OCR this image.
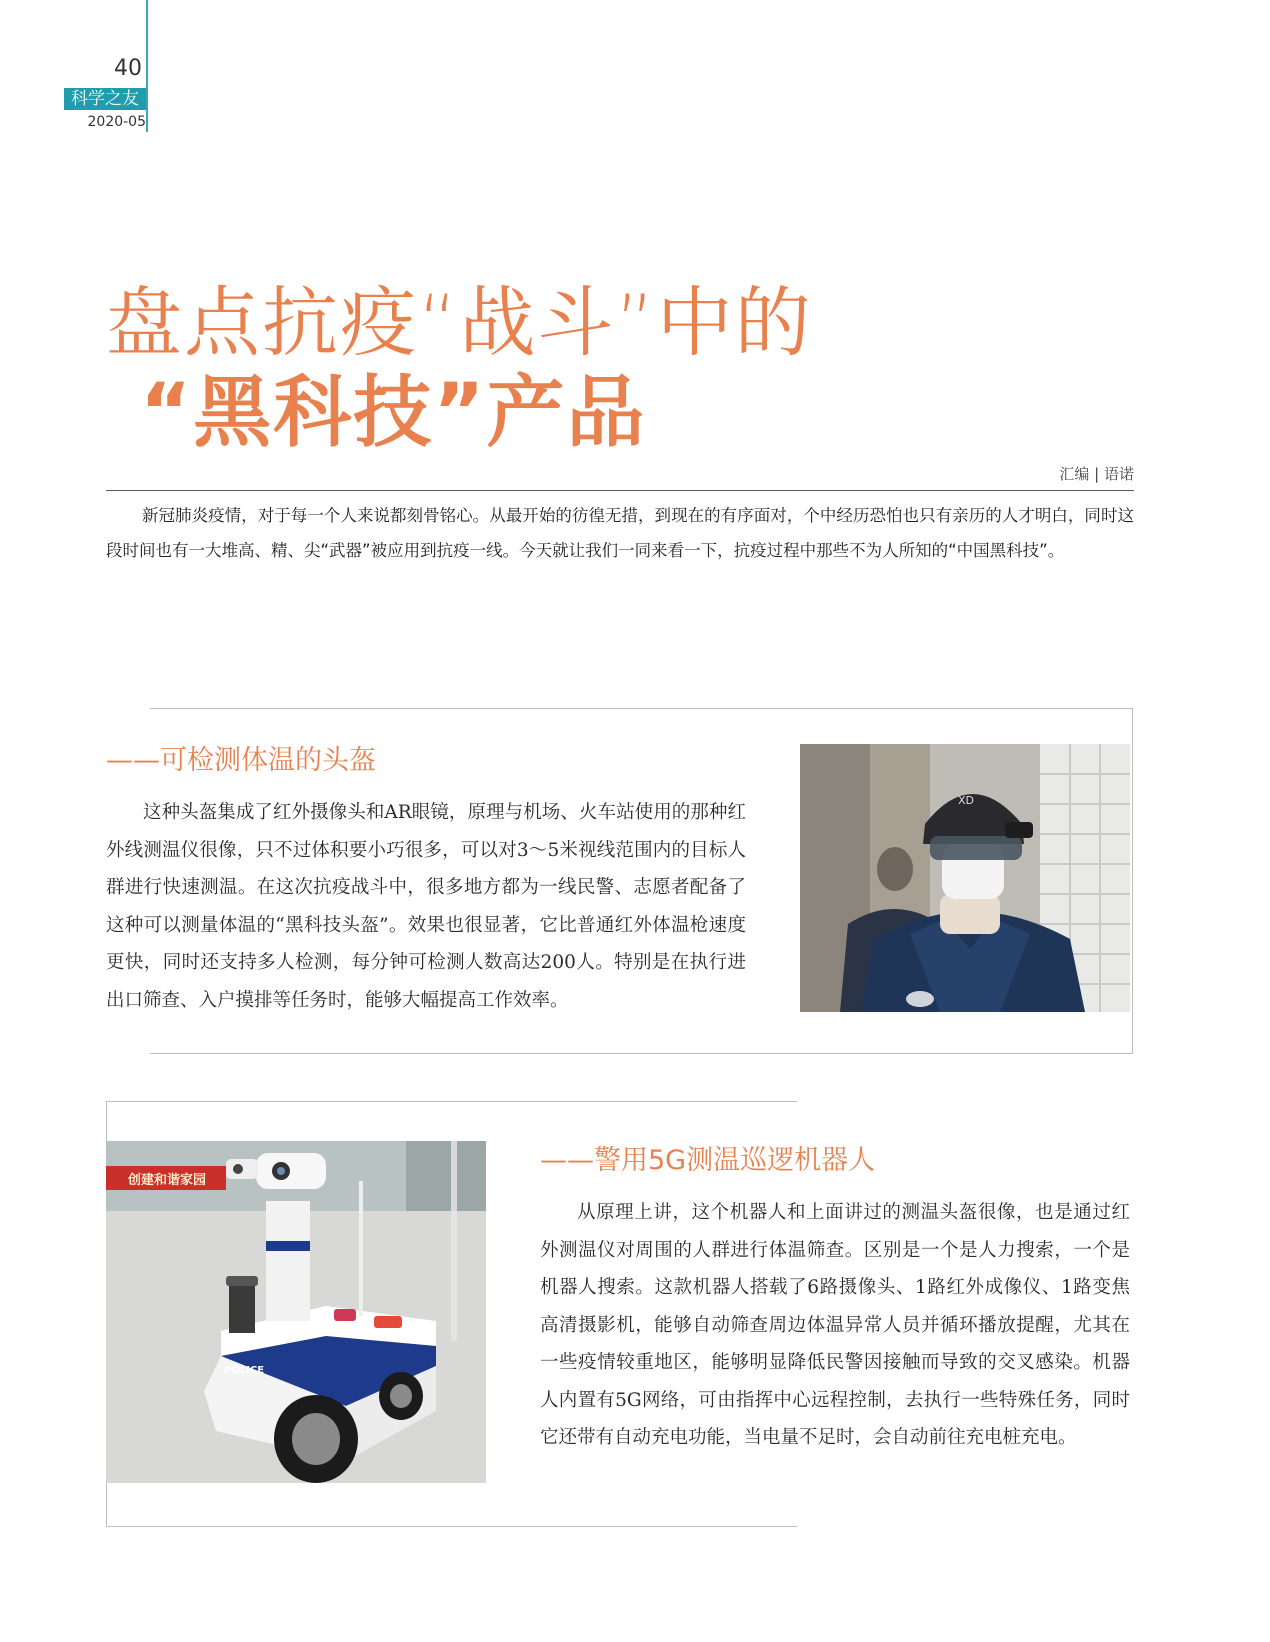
40
科学之友
2020-05
盘点抗疫“战斗”中的
“黑科技”产品
汇编 | 语诺
新冠肺炎疫情，对于每一个人来说都刻骨铭心。从最开始的彷徨无措，到现在的有序面对，个中经历恐怕也只有亲历的人才明白，同时这段时间也有一大堆高、精、尖“武器”被应用到抗疫一线。今天就让我们一同来看一下，抗疫过程中那些不为人所知的“中国黑科技”。
——可检测体温的头盔
这种头盔集成了红外摄像头和AR眼镜，原理与机场、火车站使用的那种红外线测温仪很像，只不过体积要小巧很多，可以对3～5米视线范围内的目标人群进行快速测温。在这次抗疫战斗中，很多地方都为一线民警、志愿者配备了这种可以测量体温的“黑科技头盔”。效果也很显著，它比普通红外体温枪速度更快，同时还支持多人检测，每分钟可检测人数高达200人。特别是在执行进出口筛查、入户摸排等任务时，能够大幅提高工作效率。
XD
——警用5G测温巡逻机器人
从原理上讲，这个机器人和上面讲过的测温头盔很像，也是通过红外测温仪对周围的人群进行体温筛查。区别是一个是人力搜索，一个是机器人搜索。这款机器人搭载了6路摄像头、1路红外成像仪、1路变焦高清摄影机，能够自动筛查周边体温异常人员并循环播放提醒，尤其在一些疫情较重地区，能够明显降低民警因接触而导致的交叉感染。机器人内置有5G网络，可由指挥中心远程控制，去执行一些特殊任务，同时它还带有自动充电功能，当电量不足时，会自动前往充电桩充电。
创建和谐家园
POLICE
